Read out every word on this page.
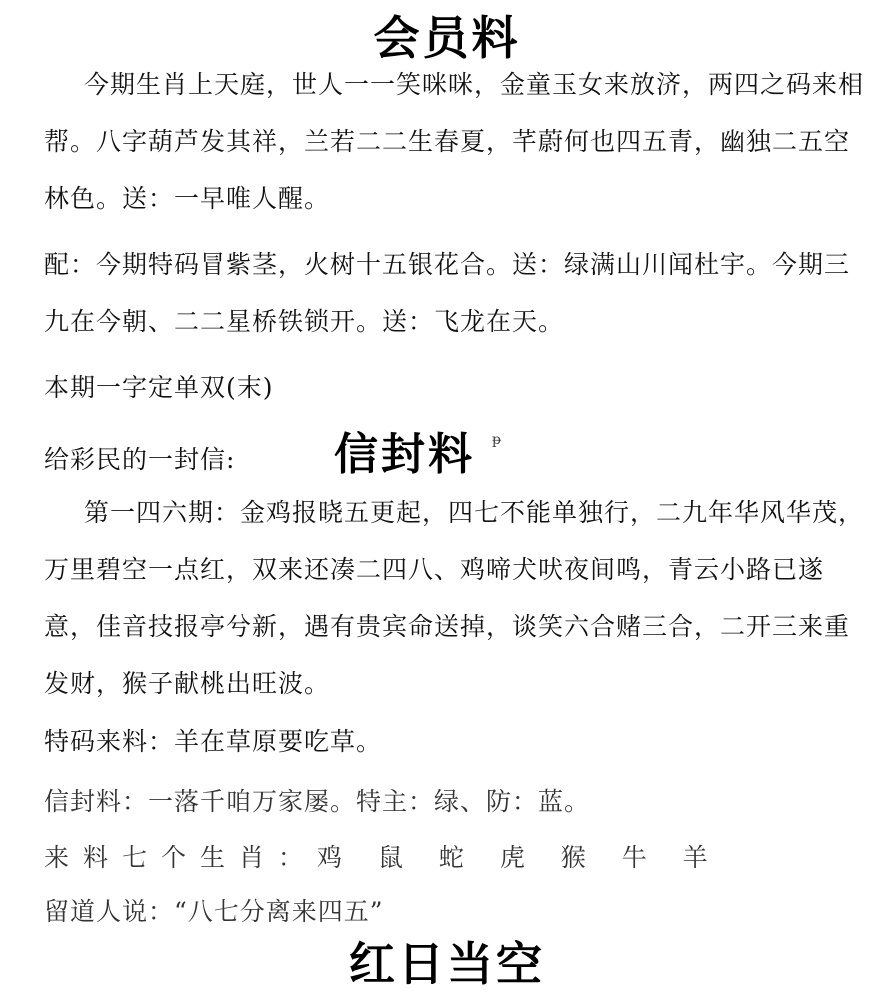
会员料

今期生肖上天庭，世人一一笑咪咪，金童玉女来放济，两四之码来相帮。八字葫芦发其祥，兰若二二生春夏，芊蔚何也四五青，幽独二五空林色。送：一早唯人醒。

配：今期特码冒紫茎，火树十五银花合。送：绿满山川闻杜宇。今期三九在今朝、二二星桥铁锁开。送：飞龙在天。

本期一字定单双(末)
给彩民的一封信: 信封料 ᵽ

第一四六期：金鸡报晓五更起，四七不能单独行，二九年华风华茂，万里碧空一点红，双来还凑二四八、鸡啼犬吠夜间鸣，青云小路已遂意，佳音技报亭兮新，遇有贵宾命送掉，谈笑六合赌三合，二开三来重发财，猴子献桃出旺波。

特码来料：羊在草原要吃草。
信封料：一落千咱万家屡。特主：绿、防：蓝。
来料七个生肖：鸡 鼠 蛇 虎 猴 牛 羊
留道人说：“八七分离来四五”
红日当空
